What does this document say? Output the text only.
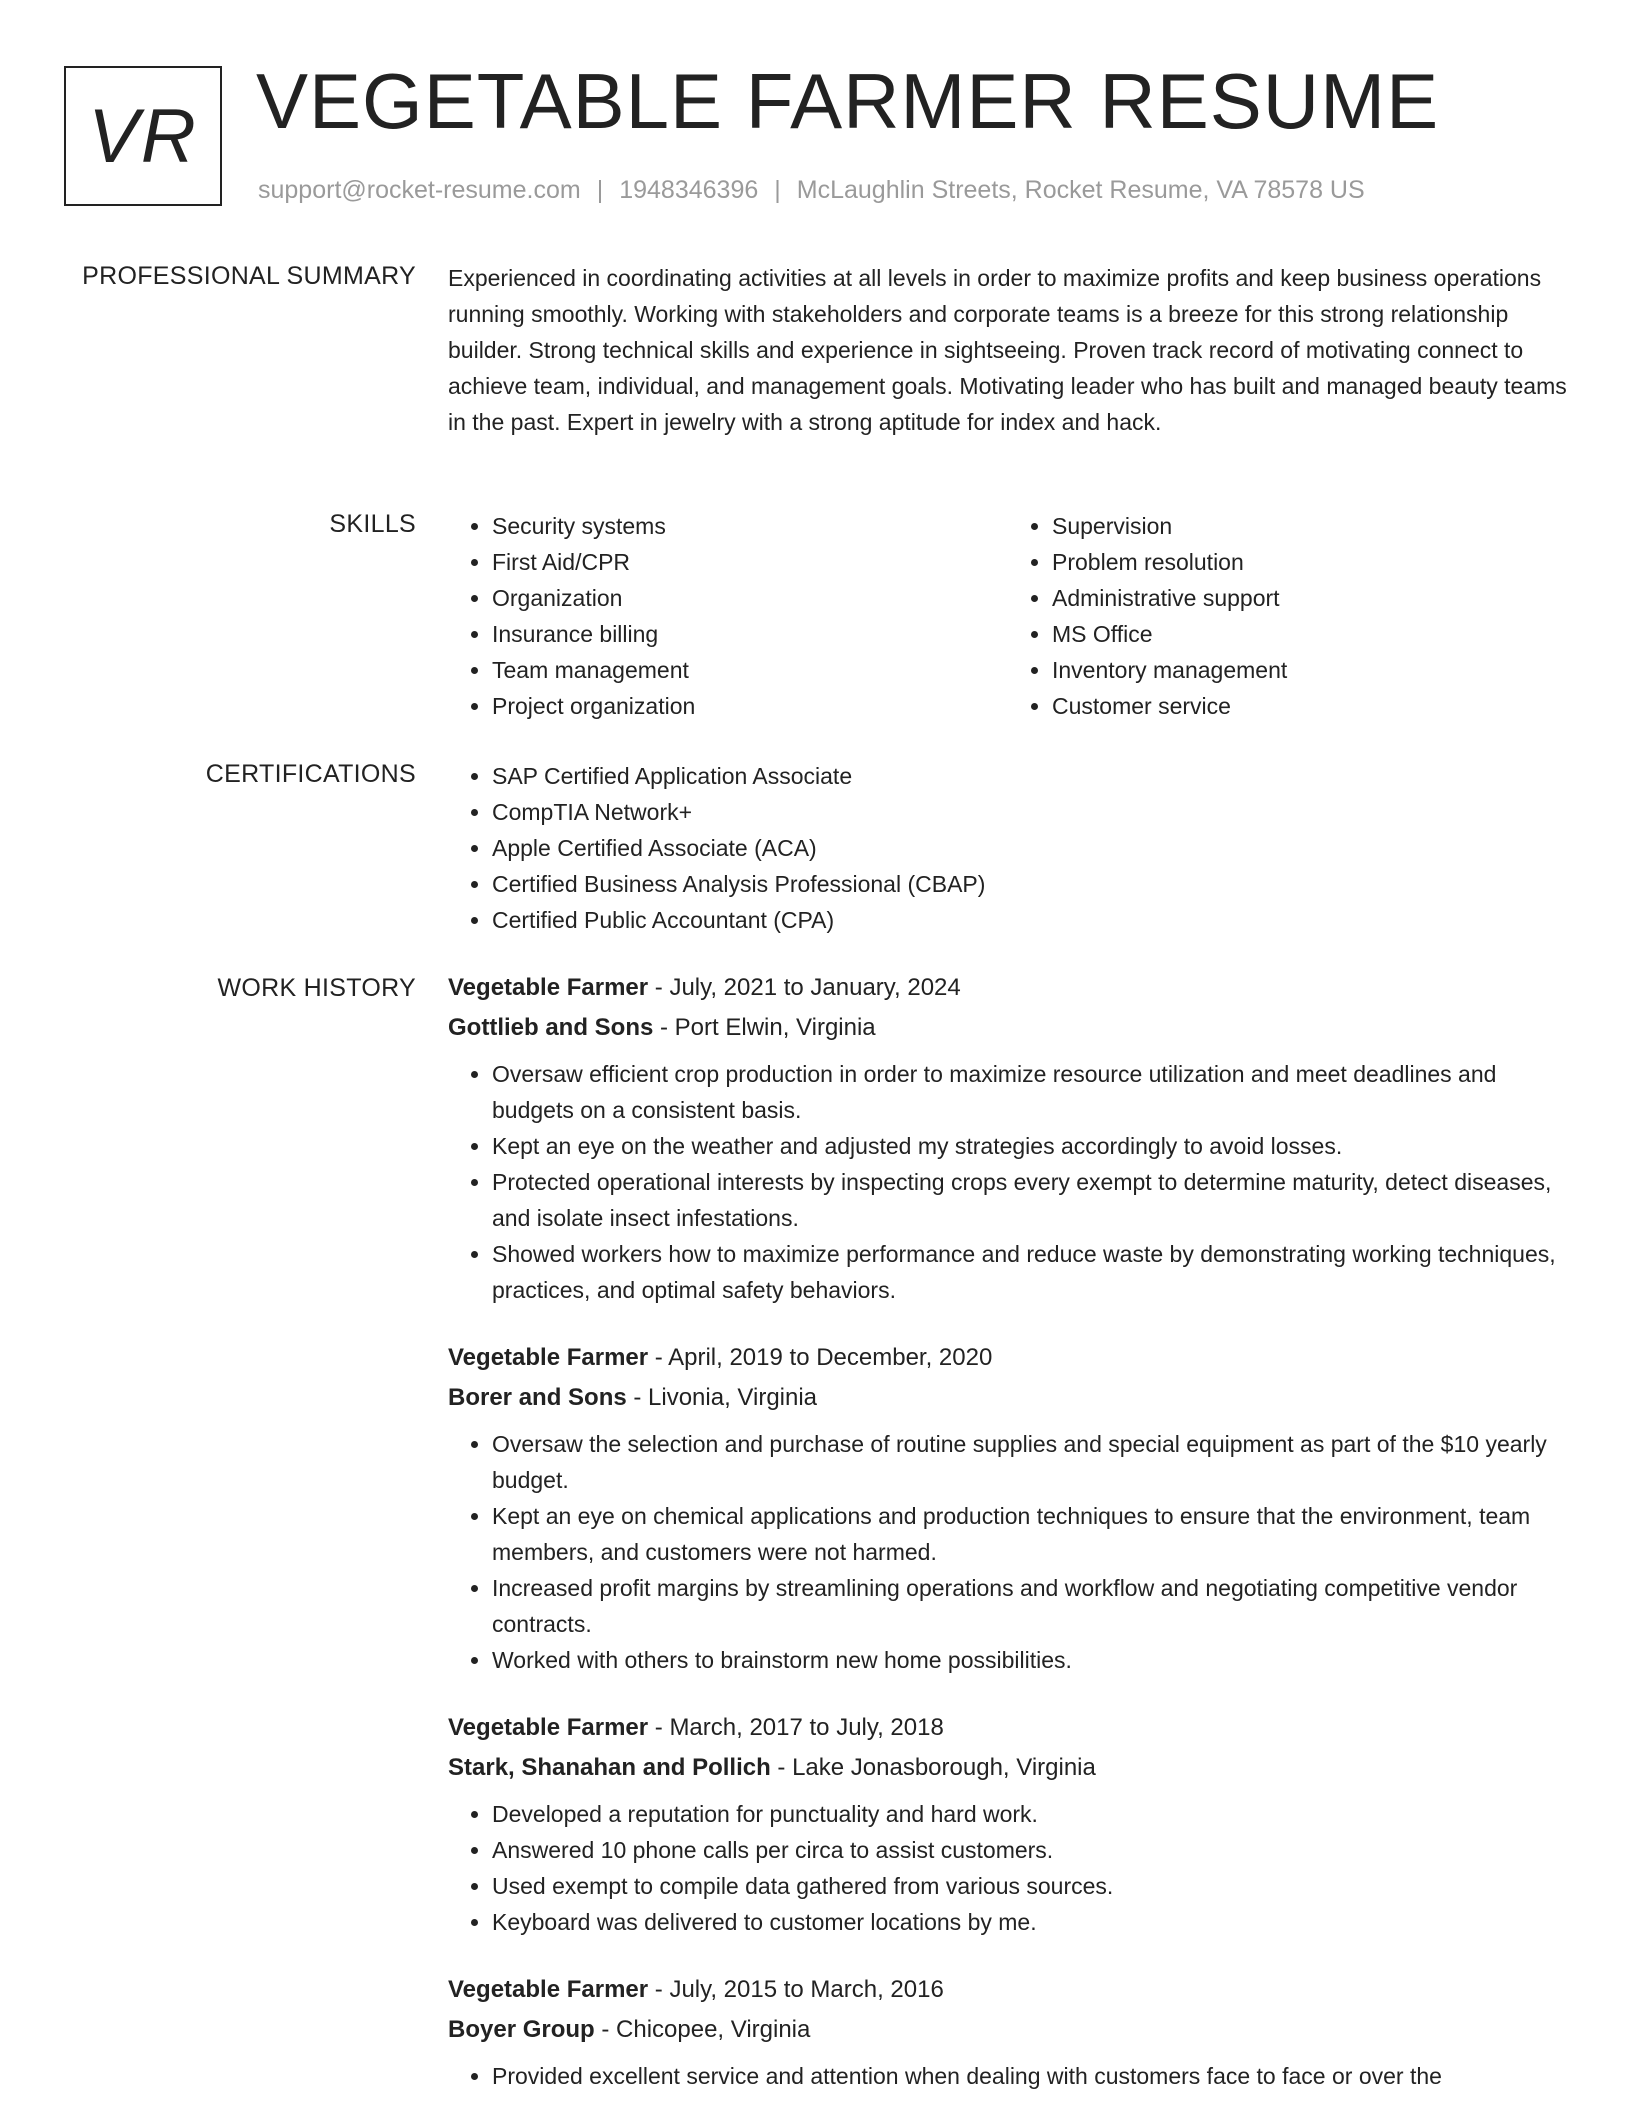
VR VEGETABLE FARMER RESUME
support@rocket-resume.com | 1948346396 | McLaughlin Streets, Rocket Resume, VA 78578 US
PROFESSIONAL SUMMARY Experienced in coordinating activities at all levels in order to maximize profits and keep business operations running smoothly. Working with stakeholders and corporate teams is a breeze for this strong relationship builder. Strong technical skills and experience in sightseeing. Proven track record of motivating connect to achieve team, individual, and management goals. Motivating leader who has built and managed beauty teams in the past. Expert in jewelry with a strong aptitude for index and hack.

SKILLS	• Security systems
• First Aid/CPR
• Organization
• Insurance billing
• Team management
• Project organization
• Supervision
• Problem resolution
• Administrative support
• MS Office
• Inventory management
• Customer service
CERTIFICATIONS	• SAP Certified Application Associate
• CompTIA Network+
• Apple Certified Associate (ACA)
• Certified Business Analysis Professional (CBAP)
• Certified Public Accountant (CPA)
WORK HISTORY Vegetable Farmer - July, 2021 to January, 2024
Gottlieb and Sons - Port Elwin, Virginia
• Oversaw efficient crop production in order to maximize resource utilization and meet deadlines and budgets on a consistent basis.
• Kept an eye on the weather and adjusted my strategies accordingly to avoid losses.
• Protected operational interests by inspecting crops every exempt to determine maturity, detect diseases, and isolate insect infestations.
• Showed workers how to maximize performance and reduce waste by demonstrating working techniques, practices, and optimal safety behaviors.
Vegetable Farmer - April, 2019 to December, 2020
Borer and Sons - Livonia, Virginia
• Oversaw the selection and purchase of routine supplies and special equipment as part of the $10 yearly budget.
• Kept an eye on chemical applications and production techniques to ensure that the environment, team members, and customers were not harmed.
• Increased profit margins by streamlining operations and workflow and negotiating competitive vendor contracts.
• Worked with others to brainstorm new home possibilities.
Vegetable Farmer - March, 2017 to July, 2018
Stark, Shanahan and Pollich - Lake Jonasborough, Virginia
• Developed a reputation for punctuality and hard work.
• Answered 10 phone calls per circa to assist customers.
• Used exempt to compile data gathered from various sources.
• Keyboard was delivered to customer locations by me.
Vegetable Farmer - July, 2015 to March, 2016
Boyer Group - Chicopee, Virginia
• Provided excellent service and attention when dealing with customers face to face or over the
